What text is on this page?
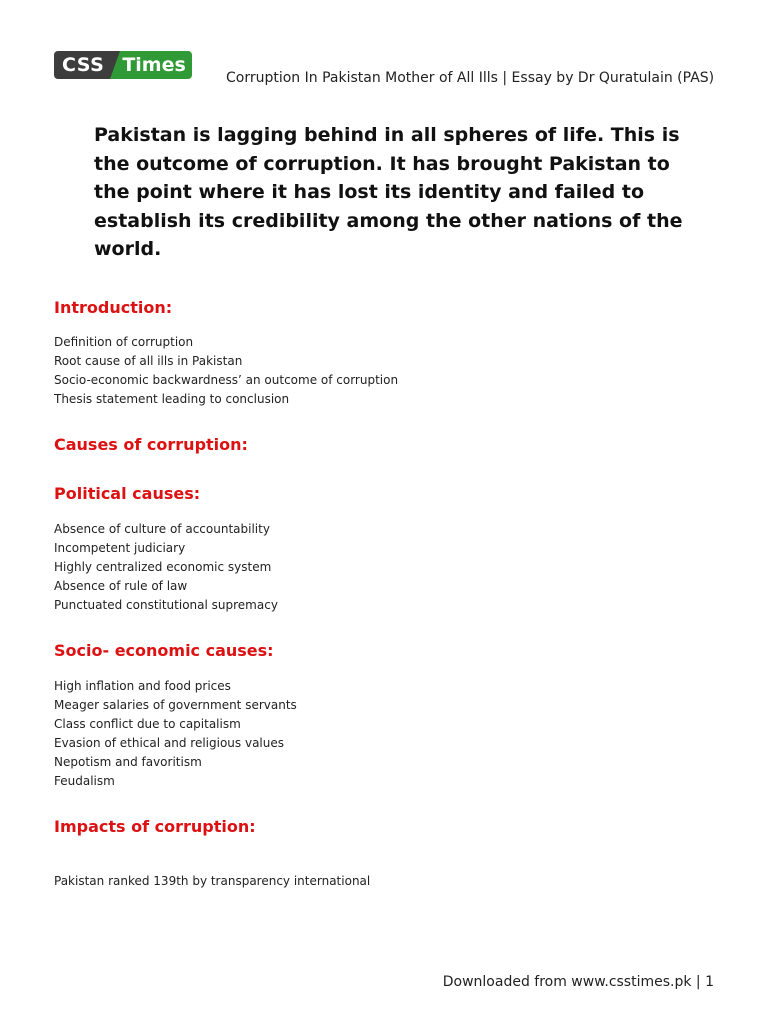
CSS Times
Corruption In Pakistan Mother of All Ills | Essay by Dr Quratulain (PAS)

Pakistan is lagging behind in all spheres of life. This is the outcome of corruption. It has brought Pakistan to the point where it has lost its identity and failed to establish its credibility among the other nations of the world.

Introduction:
Definition of corruption
Root cause of all ills in Pakistan
Socio-economic backwardness’ an outcome of corruption
Thesis statement leading to conclusion
Causes of corruption:
Political causes:
Absence of culture of accountability
Incompetent judiciary
Highly centralized economic system
Absence of rule of law
Punctuated constitutional supremacy
Socio- economic causes:
High inflation and food prices
Meager salaries of government servants
Class conflict due to capitalism
Evasion of ethical and religious values
Nepotism and favoritism
Feudalism
Impacts of corruption:
Pakistan ranked 139th by transparency international
Downloaded from www.csstimes.pk | 1
